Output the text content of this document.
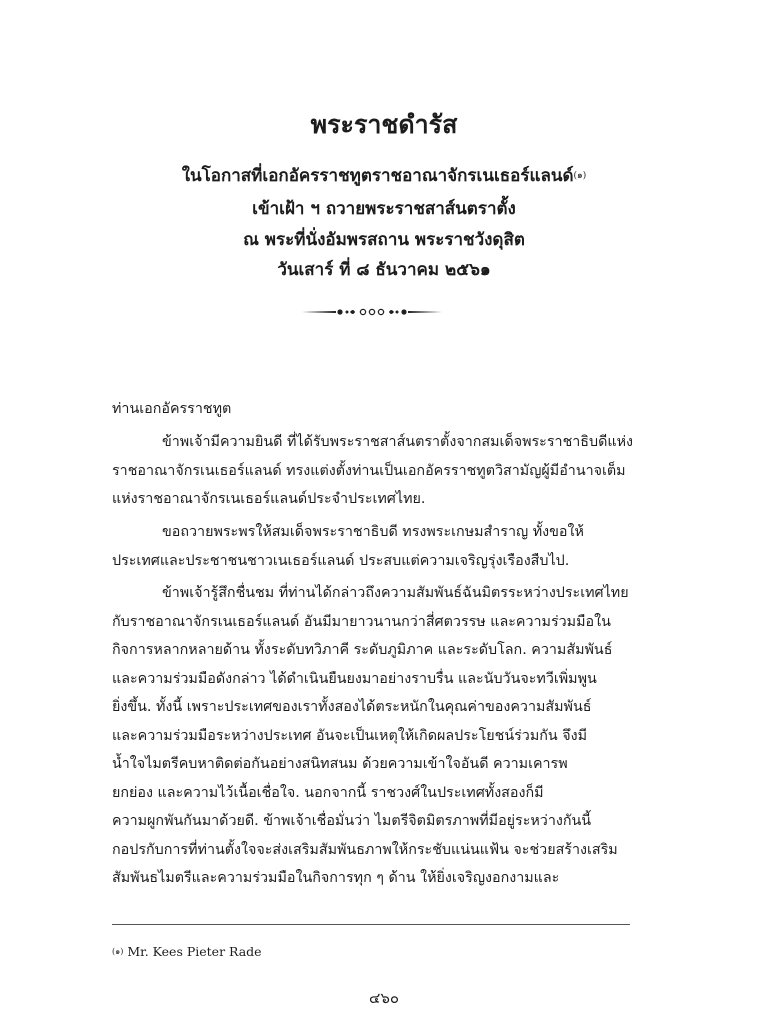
พระราชดำรัส
ในโอกาสที่เอกอัครราชทูตราชอาณาจักรเนเธอร์แลนด์$^{(๑)}$
เข้าเฝ้า ฯ ถวายพระราชสาส์นตราตั้ง
ณ พระที่นั่งอัมพรสถาน พระราชวังดุสิต
วันเสาร์ ที่ ๘ ธันวาคม ๒๕๖๑
ท่านเอกอัครราชทูต
ข้าพเจ้ามีความยินดี ที่ได้รับพระราชสาส์นตราตั้งจากสมเด็จพระราชาธิบดีแห่ง
ราชอาณาจักรเนเธอร์แลนด์ ทรงแต่งตั้งท่านเป็นเอกอัครราชทูตวิสามัญผู้มีอำนาจเต็ม
แห่งราชอาณาจักรเนเธอร์แลนด์ประจำประเทศไทย.
ขอถวายพระพรให้สมเด็จพระราชาธิบดี ทรงพระเกษมสำราญ ทั้งขอให้
ประเทศและประชาชนชาวเนเธอร์แลนด์ ประสบแต่ความเจริญรุ่งเรืองสืบไป.
ข้าพเจ้ารู้สึกชื่นชม ที่ท่านได้กล่าวถึงความสัมพันธ์ฉันมิตรระหว่างประเทศไทย
กับราชอาณาจักรเนเธอร์แลนด์ อันมีมายาวนานกว่าสี่ศตวรรษ และความร่วมมือใน
กิจการหลากหลายด้าน ทั้งระดับทวิภาคี ระดับภูมิภาค และระดับโลก. ความสัมพันธ์
และความร่วมมือดังกล่าว ได้ดำเนินยืนยงมาอย่างราบรื่น และนับวันจะทวีเพิ่มพูน
ยิ่งขึ้น. ทั้งนี้ เพราะประเทศของเราทั้งสองได้ตระหนักในคุณค่าของความสัมพันธ์
และความร่วมมือระหว่างประเทศ อันจะเป็นเหตุให้เกิดผลประโยชน์ร่วมกัน จึงมี
น้ำใจไมตรีคบหาติดต่อกันอย่างสนิทสนม ด้วยความเข้าใจอันดี ความเคารพ
ยกย่อง และความไว้เนื้อเชื่อใจ. นอกจากนี้ ราชวงศ์ในประเทศทั้งสองก็มี
ความผูกพันกันมาด้วยดี. ข้าพเจ้าเชื่อมั่นว่า ไมตรีจิตมิตรภาพที่มีอยู่ระหว่างกันนี้
กอปรกับการที่ท่านตั้งใจจะส่งเสริมสัมพันธภาพให้กระชับแน่นแฟ้น จะช่วยสร้างเสริม
สัมพันธไมตรีและความร่วมมือในกิจการทุก ๆ ด้าน ให้ยิ่งเจริญงอกงามและ
$^{(๑)}$ Mr. Kees Pieter Rade
๔๖๐
